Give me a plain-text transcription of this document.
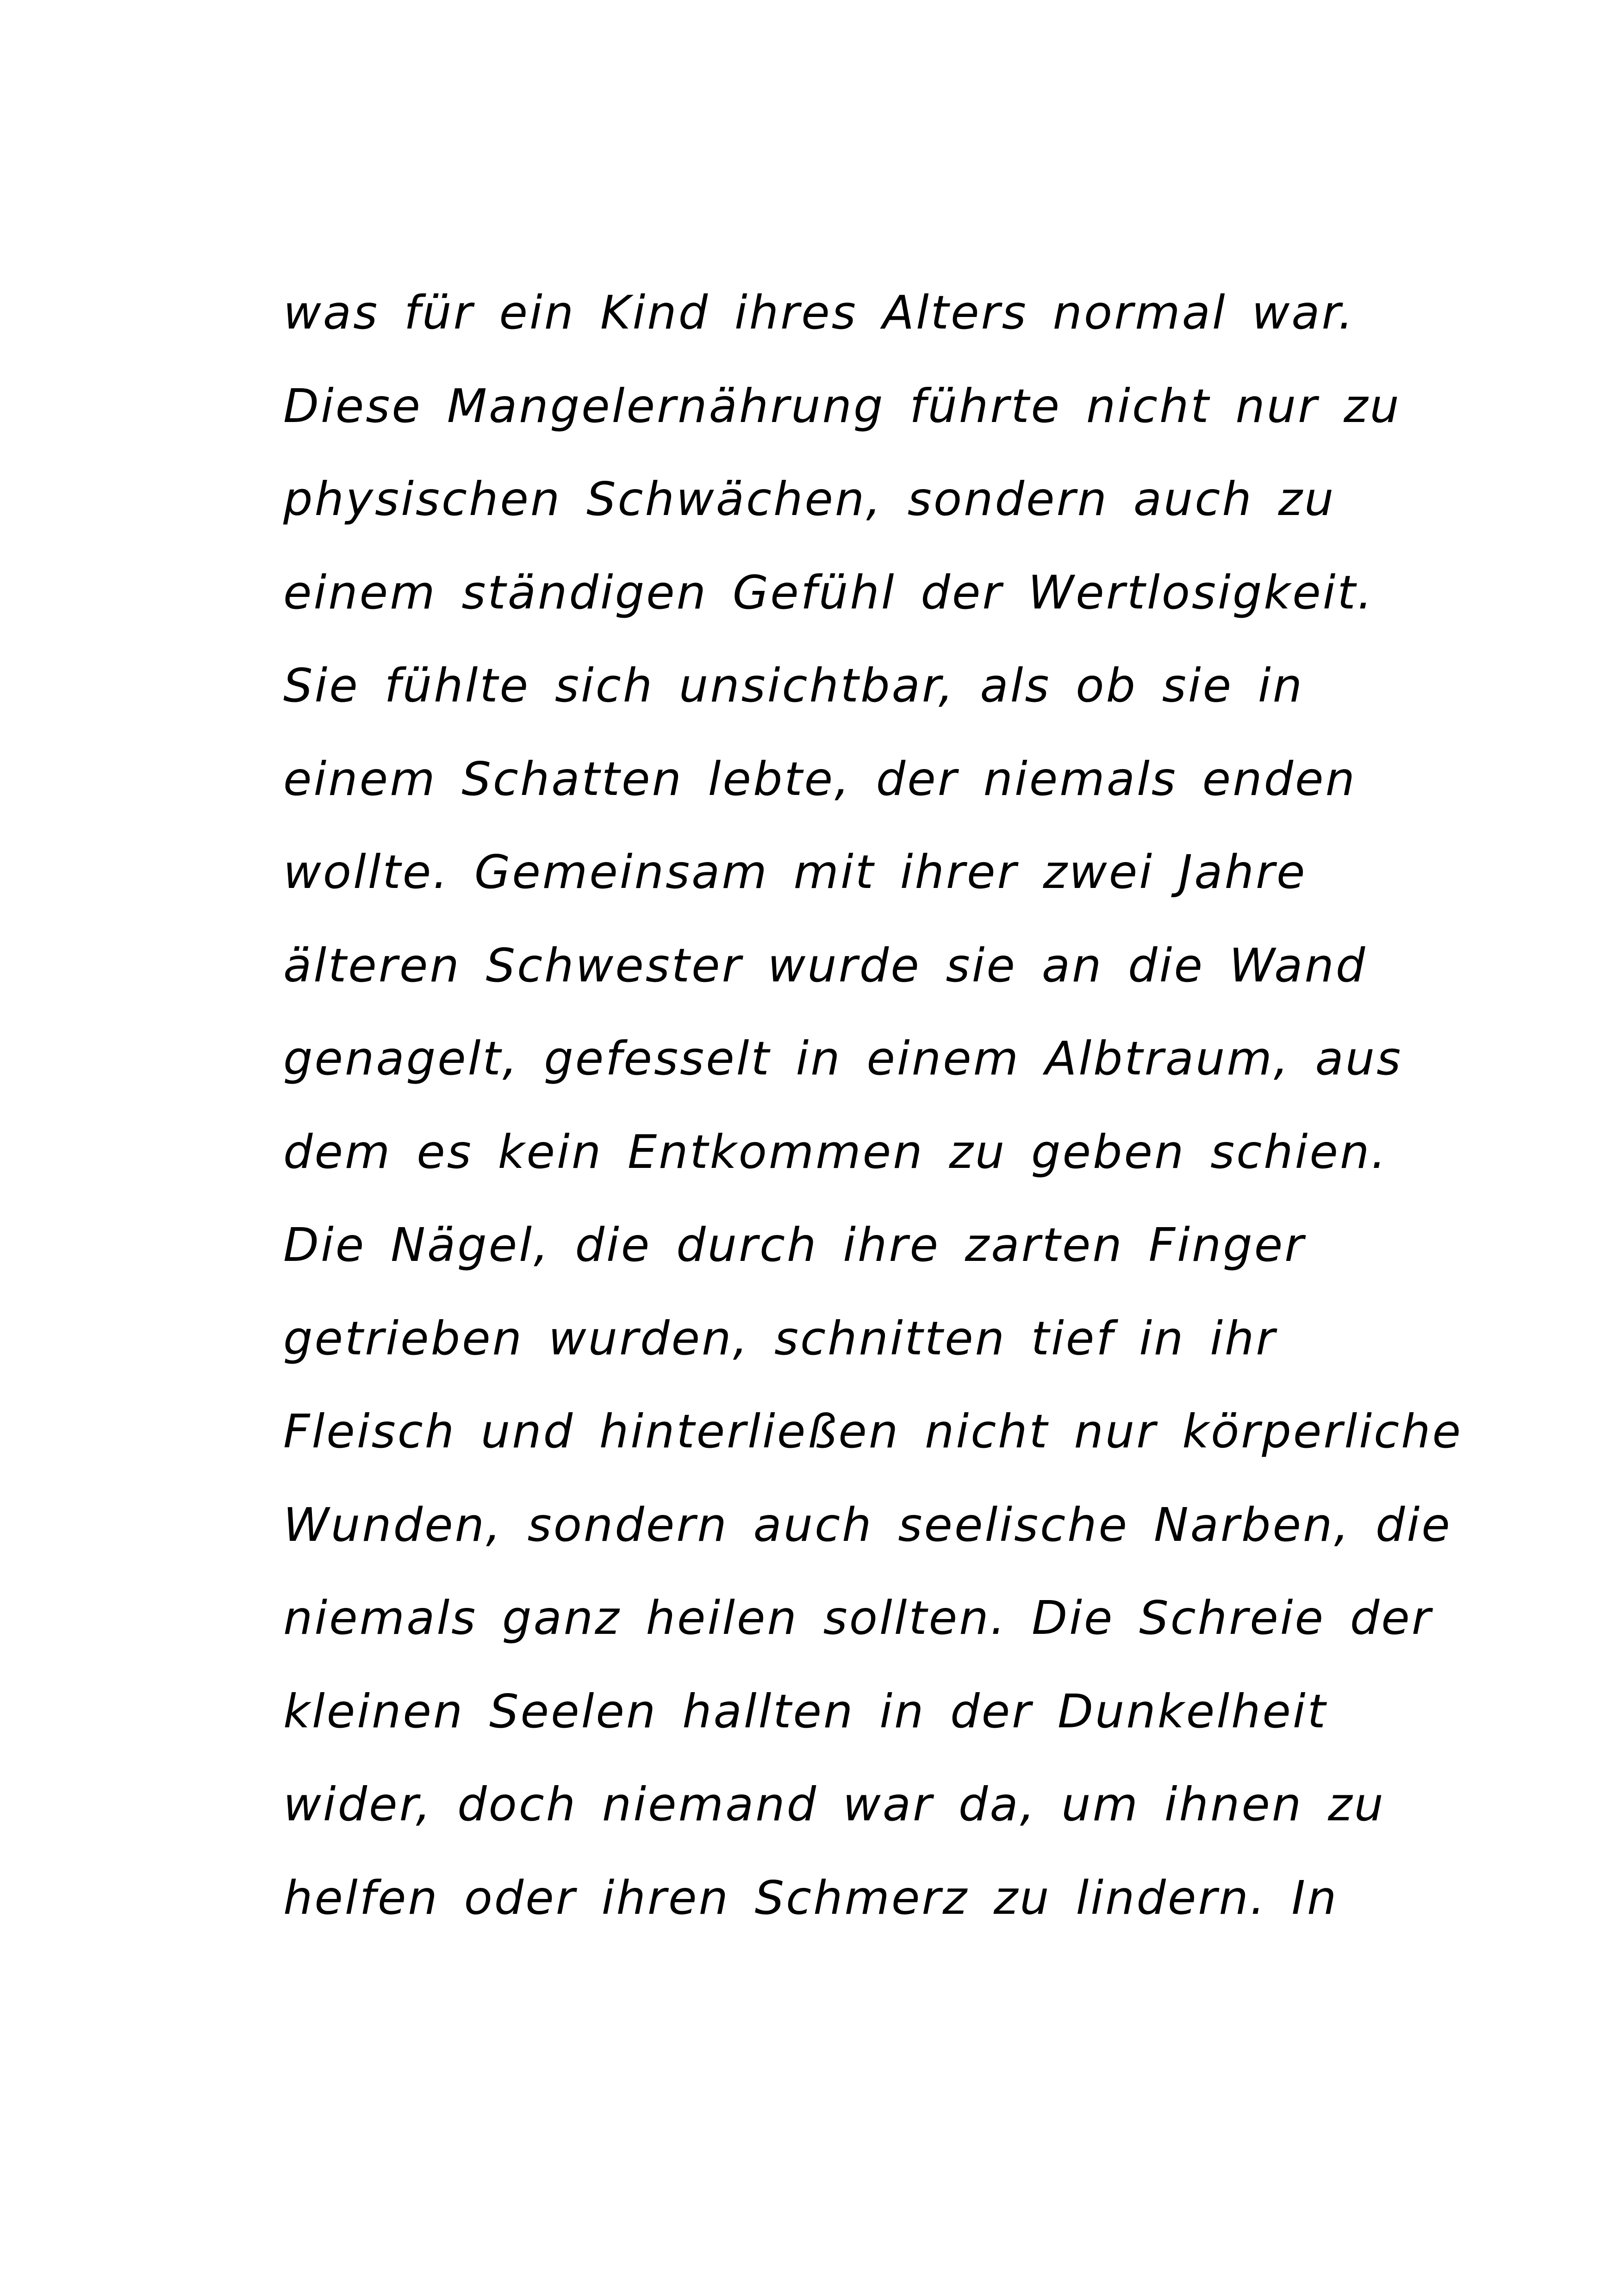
was für ein Kind ihres Alters normal war.
Diese Mangelernährung führte nicht nur zu
physischen Schwächen, sondern auch zu
einem ständigen Gefühl der Wertlosigkeit.
Sie fühlte sich unsichtbar, als ob sie in
einem Schatten lebte, der niemals enden
wollte. Gemeinsam mit ihrer zwei Jahre
älteren Schwester wurde sie an die Wand
genagelt, gefesselt in einem Albtraum, aus
dem es kein Entkommen zu geben schien.
Die Nägel, die durch ihre zarten Finger
getrieben wurden, schnitten tief in ihr
Fleisch und hinterließen nicht nur körperliche
Wunden, sondern auch seelische Narben, die
niemals ganz heilen sollten. Die Schreie der
kleinen Seelen hallten in der Dunkelheit
wider, doch niemand war da, um ihnen zu
helfen oder ihren Schmerz zu lindern. In
